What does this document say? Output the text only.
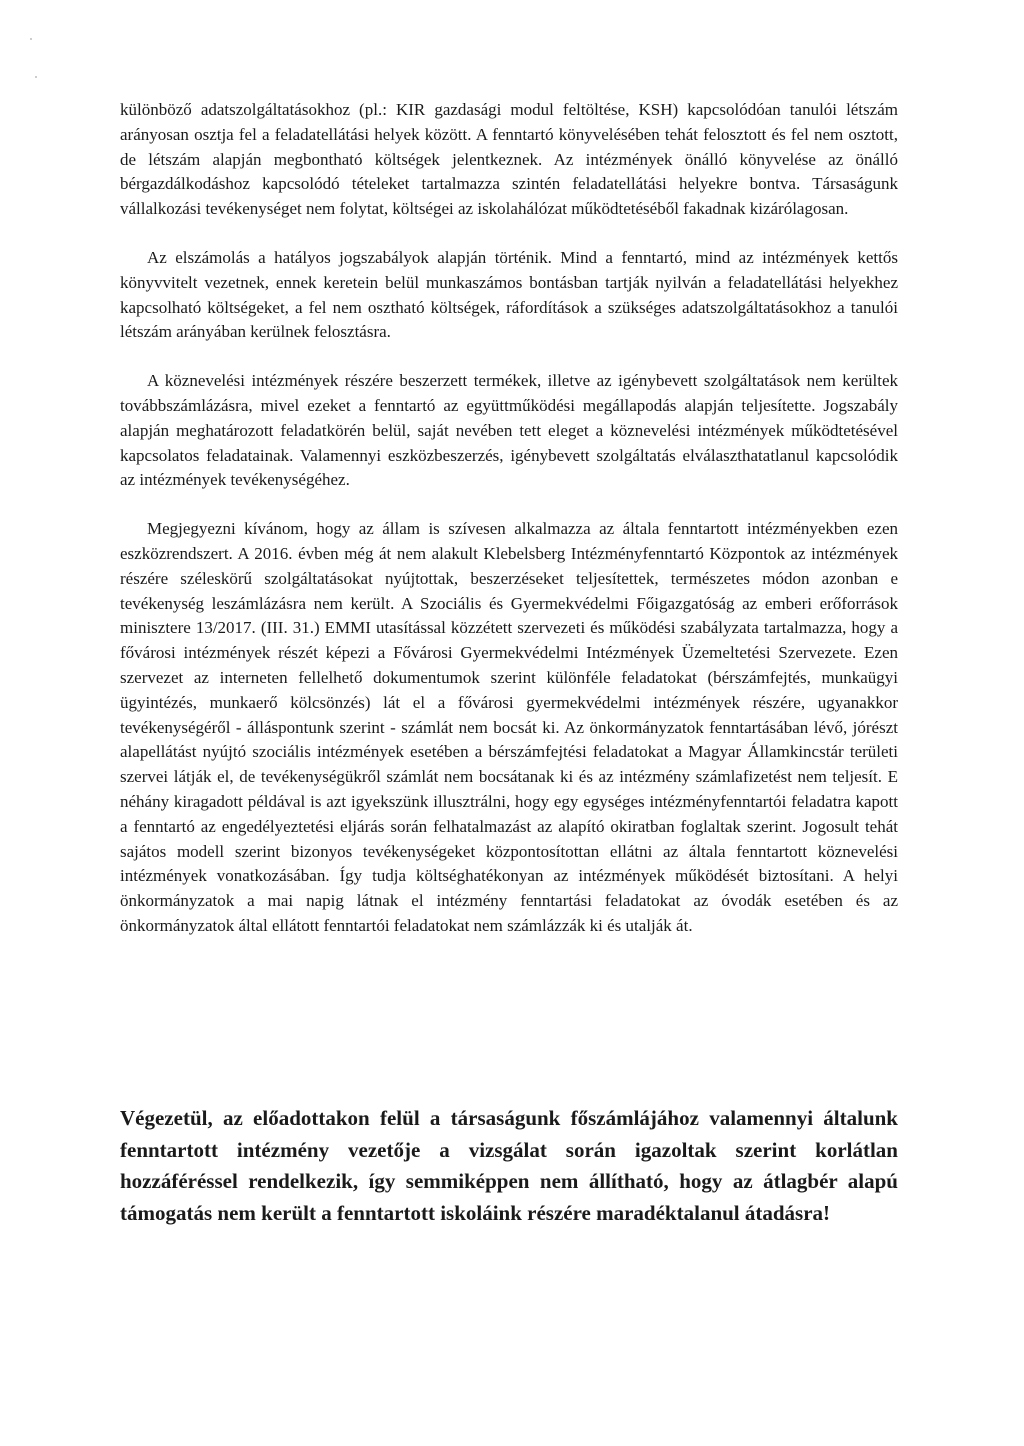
különböző adatszolgáltatásokhoz (pl.: KIR gazdasági modul feltöltése, KSH) kapcsolódóan tanulói létszám arányosan osztja fel a feladatellátási helyek között. A fenntartó könyvelésében tehát felosztott és fel nem osztott, de létszám alapján megbontható költségek jelentkeznek. Az intézmények önálló könyvelése az önálló bérgazdálkodáshoz kapcsolódó tételeket tartalmazza szintén feladatellátási helyekre bontva. Társaságunk vállalkozási tevékenységet nem folytat, költségei az iskolahálózat működtetéséből fakadnak kizárólagosan.

Az elszámolás a hatályos jogszabályok alapján történik. Mind a fenntartó, mind az intézmények kettős könyvvitelt vezetnek, ennek keretein belül munkaszámos bontásban tartják nyilván a feladatellátási helyekhez kapcsolható költségeket, a fel nem osztható költségek, ráfordítások a szükséges adatszolgáltatásokhoz a tanulói létszám arányában kerülnek felosztásra.

A köznevelési intézmények részére beszerzett termékek, illetve az igénybevett szolgáltatások nem kerültek továbbszámlázásra, mivel ezeket a fenntartó az együttműködési megállapodás alapján teljesítette. Jogszabály alapján meghatározott feladatkörén belül, saját nevében tett eleget a köznevelési intézmények működtetésével kapcsolatos feladatainak. Valamennyi eszközbeszerzés, igénybevett szolgáltatás elválaszthatatlanul kapcsolódik az intézmények tevékenységéhez.

Megjegyezni kívánom, hogy az állam is szívesen alkalmazza az általa fenntartott intézményekben ezen eszközrendszert. A 2016. évben még át nem alakult Klebelsberg Intézményfenntartó Központok az intézmények részére széleskörű szolgáltatásokat nyújtottak, beszerzéseket teljesítettek, természetes módon azonban e tevékenység leszámlázásra nem került. A Szociális és Gyermekvédelmi Főigazgatóság az emberi erőforrások minisztere 13/2017. (III. 31.) EMMI utasítással közzétett szervezeti és működési szabályzata tartalmazza, hogy a fővárosi intézmények részét képezi a Fővárosi Gyermekvédelmi Intézmények Üzemeltetési Szervezete. Ezen szervezet az interneten fellelhető dokumentumok szerint különféle feladatokat (bérszámfejtés, munkaügyi ügyintézés, munkaerő kölcsönzés) lát el a fővárosi gyermekvédelmi intézmények részére, ugyanakkor tevékenységéről - álláspontunk szerint - számlát nem bocsát ki. Az önkormányzatok fenntartásában lévő, jórészt alapellátást nyújtó szociális intézmények esetében a bérszámfejtési feladatokat a Magyar Államkincstár területi szervei látják el, de tevékenységükről számlát nem bocsátanak ki és az intézmény számlafizetést nem teljesít. E néhány kiragadott példával is azt igyekszünk illusztrálni, hogy egy egységes intézményfenntartói feladatra kapott a fenntartó az engedélyeztetési eljárás során felhatalmazást az alapító okiratban foglaltak szerint. Jogosult tehát sajátos modell szerint bizonyos tevékenységeket központosítottan ellátni az általa fenntartott köznevelési intézmények vonatkozásában. Így tudja költséghatékonyan az intézmények működését biztosítani. A helyi önkormányzatok a mai napig látnak el intézmény fenntartási feladatokat az óvodák esetében és az önkormányzatok által ellátott fenntartói feladatokat nem számlázzák ki és utalják át.

Végezetül, az előadottakon felül a társaságunk főszámlájához valamennyi általunk fenntartott intézmény vezetője a vizsgálat során igazoltak szerint korlátlan hozzáféréssel rendelkezik, így semmiképpen nem állítható, hogy az átlagbér alapú támogatás nem került a fenntartott iskoláink részére maradéktalanul átadásra!
